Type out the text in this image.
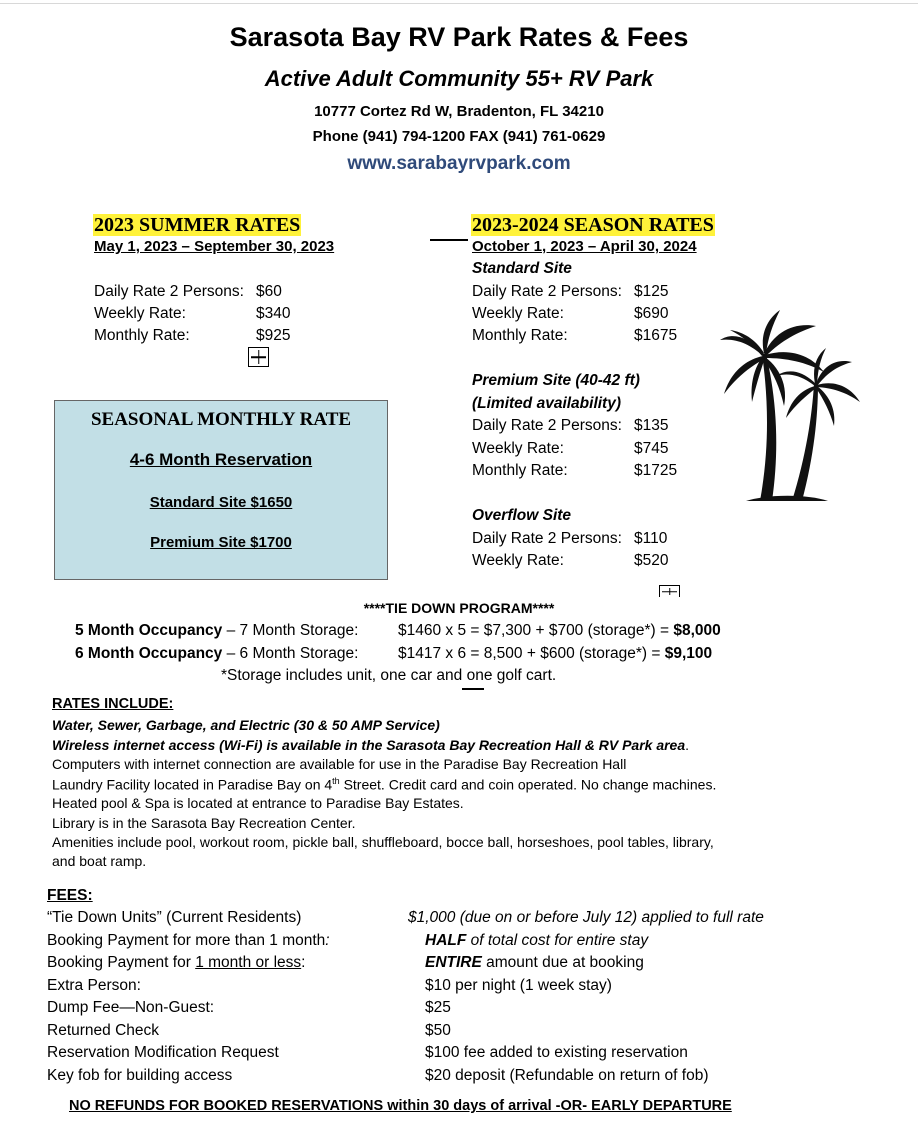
Sarasota Bay RV Park Rates & Fees
Active Adult Community 55+ RV Park
10777 Cortez Rd W, Bradenton, FL 34210
Phone (941) 794-1200 FAX (941) 761-0629
www.sarabayrvpark.com
2023 SUMMER RATES
May 1, 2023 – September 30, 2023
Daily Rate 2 Persons: $60
Weekly Rate:	$340
Monthly Rate:	$925
SEASONAL MONTHLY RATE
4-6 Month Reservation
Standard Site $1650
Premium Site $1700
2023-2024 SEASON RATES
October 1, 2023 – April 30, 2024
Standard Site
Daily Rate 2 Persons: $125
Weekly Rate:	$690
Monthly Rate:	$1675
Premium Site (40-42 ft)
(Limited availability)
Daily Rate 2 Persons: $135
Weekly Rate:	$745
Monthly Rate:	$1725
Overflow Site
Daily Rate 2 Persons: $110
Weekly Rate:	$520
****TIE DOWN PROGRAM****
5 Month Occupancy – 7 Month Storage:	$1460 x 5 = $7,300 + $700 (storage*) = $8,000
6 Month Occupancy – 6 Month Storage:	$1417 x 6 = 8,500 + $600 (storage*) = $9,100
*Storage includes unit, one car and one golf cart.
RATES INCLUDE:
Water, Sewer, Garbage, and Electric (30 & 50 AMP Service)
Wireless internet access (Wi-Fi) is available in the Sarasota Bay Recreation Hall & RV Park area.
Computers with internet connection are available for use in the Paradise Bay Recreation Hall
Laundry Facility located in Paradise Bay on 4th Street. Credit card and coin operated. No change machines.
Heated pool & Spa is located at entrance to Paradise Bay Estates.
Library is in the Sarasota Bay Recreation Center.
Amenities include pool, workout room, pickle ball, shuffleboard, bocce ball, horseshoes, pool tables, library,
and boat ramp.
FEES:
“Tie Down Units” (Current Residents)	$1,000 (due on or before July 12) applied to full rate
Booking Payment for more than 1 month:	HALF of total cost for entire stay
Booking Payment for 1 month or less:	ENTIRE amount due at booking
Extra Person:	$10 per night (1 week stay)
Dump Fee—Non-Guest:	$25
Returned Check	$50
Reservation Modification Request	$100 fee added to existing reservation
Key fob for building access	$20 deposit (Refundable on return of fob)
NO REFUNDS FOR BOOKED RESERVATIONS within 30 days of arrival -OR- EARLY DEPARTURE
